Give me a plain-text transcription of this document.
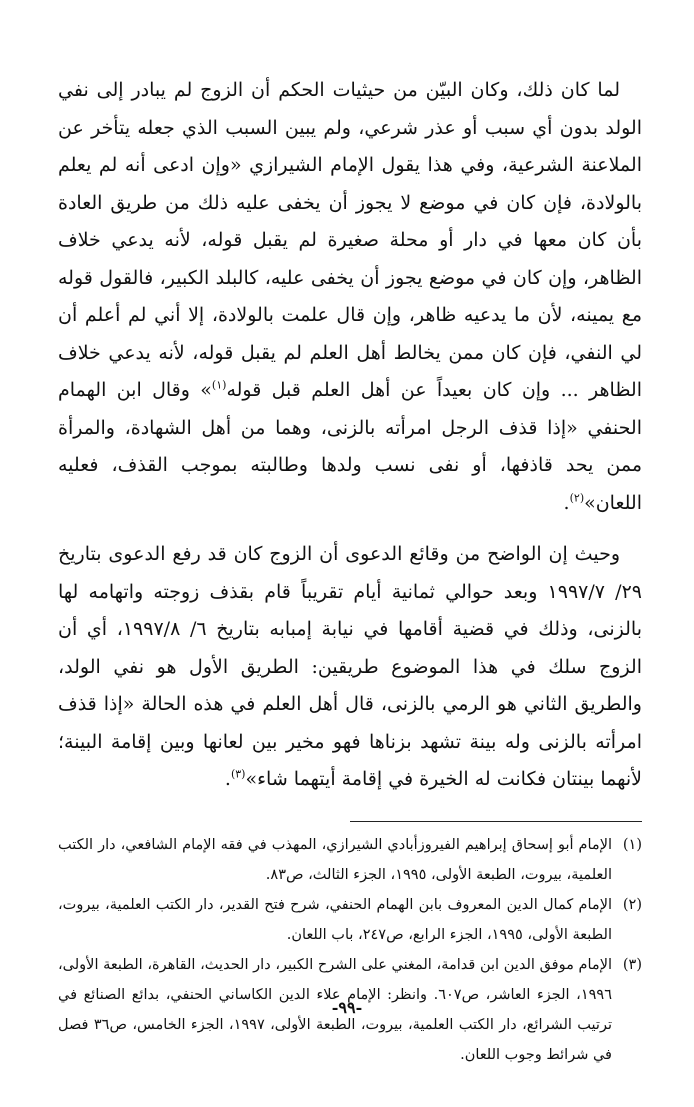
لما كان ذلك، وكان البيّن من حيثيات الحكم أن الزوج لم يبادر إلى نفي الولد بدون أي سبب أو عذر شرعي، ولم يبين السبب الذي جعله يتأخر عن الملاعنة الشرعية، وفي هذا يقول الإمام الشيرازي «وإن ادعى أنه لم يعلم بالولادة، فإن كان في موضع لا يجوز أن يخفى عليه ذلك من طريق العادة بأن كان معها في دار أو محلة صغيرة لم يقبل قوله، لأنه يدعي خلاف الظاهر، وإن كان في موضع يجوز أن يخفى عليه، كالبلد الكبير، فالقول قوله مع يمينه، لأن ما يدعيه ظاهر، وإن قال علمت بالولادة، إلا أني لم أعلم أن لي النفي، فإن كان ممن يخالط أهل العلم لم يقبل قوله، لأنه يدعي خلاف الظاهر ... وإن كان بعيداً عن أهل العلم قبل قوله$^{(١)}$» وقال ابن الهمام الحنفي «إذا قذف الرجل امرأته بالزنى، وهما من أهل الشهادة، والمرأة ممن يحد قاذفها، أو نفى نسب ولدها وطالبته بموجب القذف، فعليه اللعان»$^{(٢)}$.

وحيث إن الواضح من وقائع الدعوى أن الزوج كان قد رفع الدعوى بتاريخ ٢٩/ ١٩٩٧/٧ وبعد حوالي ثمانية أيام تقريباً قام بقذف زوجته واتهامه لها بالزنى، وذلك في قضية أقامها في نيابة إمبابه بتاريخ ٦/ ١٩٩٧/٨، أي أن الزوج سلك في هذا الموضوع طريقين: الطريق الأول هو نفي الولد، والطريق الثاني هو الرمي بالزنى، قال أهل العلم في هذه الحالة «إذا قذف امرأته بالزنى وله بينة تشهد بزناها فهو مخير بين لعانها وبين إقامة البينة؛ لأنهما بينتان فكانت له الخيرة في إقامة أيتهما شاء»$^{(٣)}$.

(١)
الإمام أبو إسحاق إبراهيم الفيروزأبادي الشيرازي، المهذب في فقه الإمام الشافعي، دار الكتب العلمية، بيروت، الطبعة الأولى، ١٩٩٥، الجزء الثالث، ص٨٣.

(٢)
الإمام كمال الدين المعروف بابن الهمام الحنفي، شرح فتح القدير، دار الكتب العلمية، بيروت، الطبعة الأولى، ١٩٩٥، الجزء الرابع، ص٢٤٧، باب اللعان.

(٣)
الإمام موفق الدين ابن قدامة، المغني على الشرح الكبير، دار الحديث، القاهرة، الطبعة الأولى، ١٩٩٦، الجزء العاشر، ص٦٠٧. وانظر: الإمام علاء الدين الكاساني الحنفي، بدائع الصنائع في ترتيب الشرائع، دار الكتب العلمية، بيروت، الطبعة الأولى، ١٩٩٧، الجزء الخامس، ص٣٦ فصل في شرائط وجوب اللعان.

-٩٩-
